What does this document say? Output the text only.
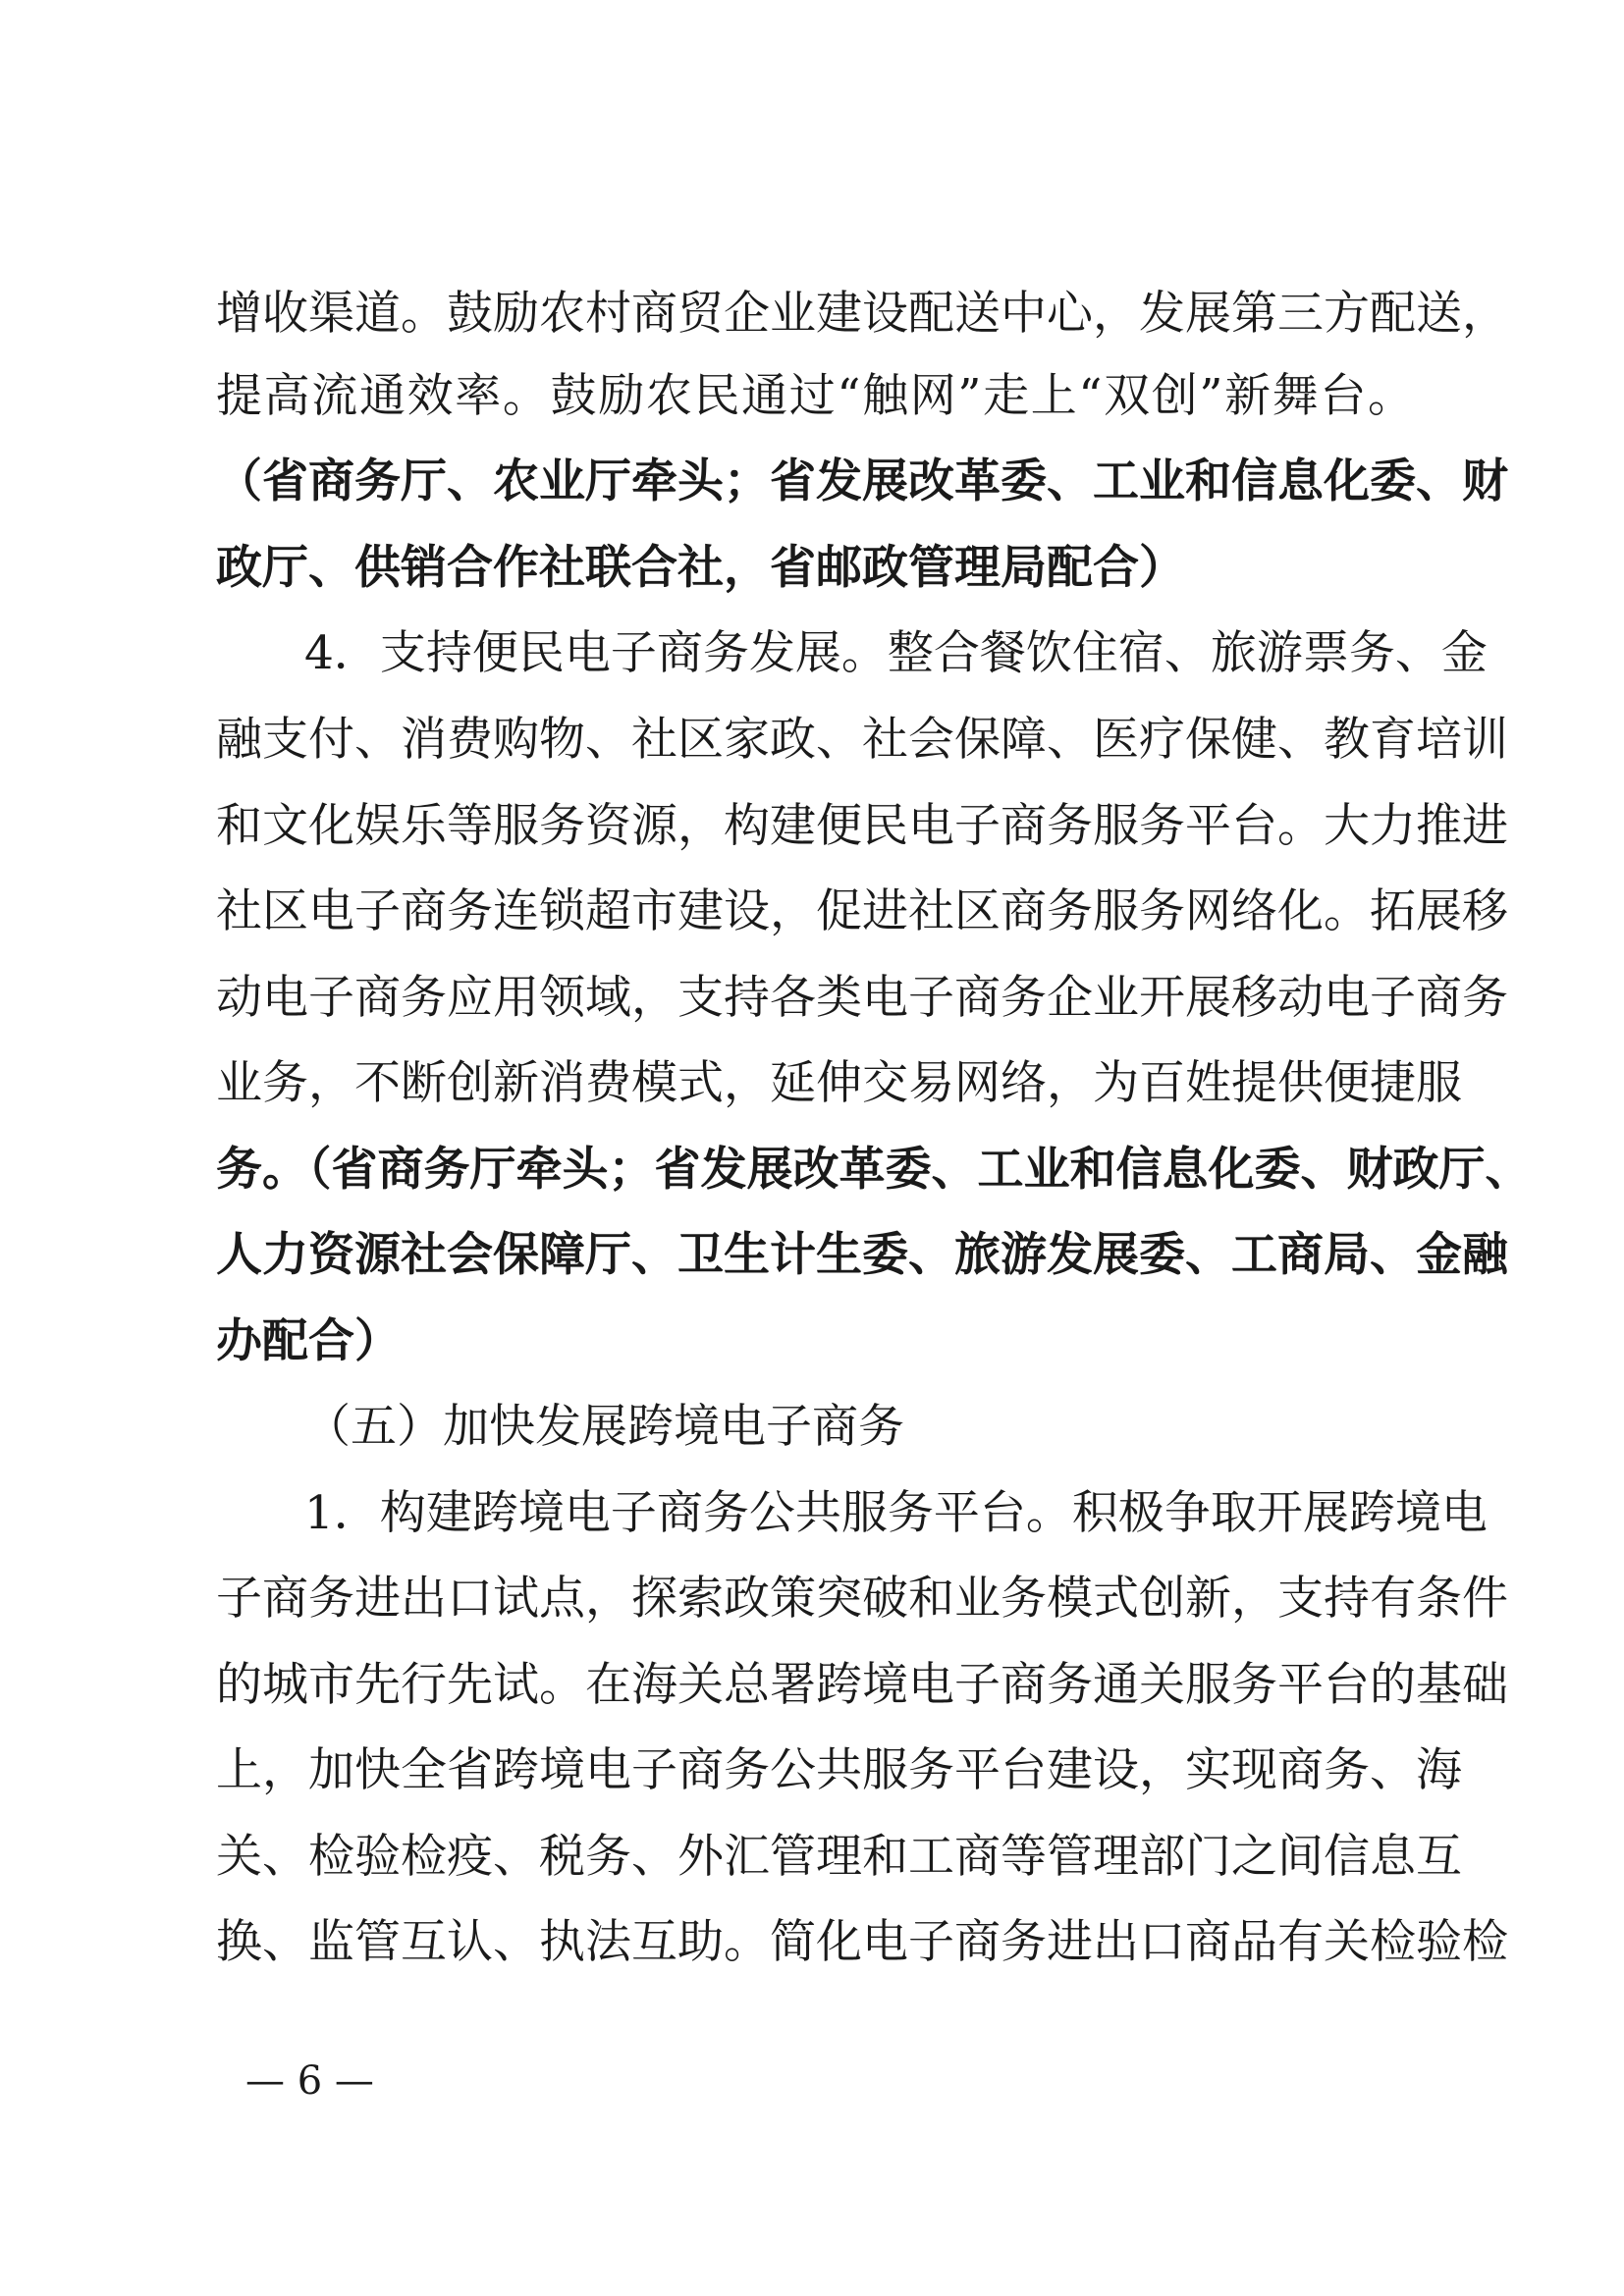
增收渠道。鼓励农村商贸企业建设配送中心，发展第三方配送，
提高流通效率。鼓励农民通过“触网”走上“双创”新舞台。
（省商务厅、农业厅牵头；省发展改革委、工业和信息化委、财
政厅、供销合作社联合社，省邮政管理局配合）
4．支持便民电子商务发展。整合餐饮住宿、旅游票务、金
融支付、消费购物、社区家政、社会保障、医疗保健、教育培训
和文化娱乐等服务资源，构建便民电子商务服务平台。大力推进
社区电子商务连锁超市建设，促进社区商务服务网络化。拓展移
动电子商务应用领域，支持各类电子商务企业开展移动电子商务
业务，不断创新消费模式，延伸交易网络，为百姓提供便捷服
务。（省商务厅牵头；省发展改革委、工业和信息化委、财政厅、
人力资源社会保障厅、卫生计生委、旅游发展委、工商局、金融
办配合）
（五）加快发展跨境电子商务
1．构建跨境电子商务公共服务平台。积极争取开展跨境电
子商务进出口试点，探索政策突破和业务模式创新，支持有条件
的城市先行先试。在海关总署跨境电子商务通关服务平台的基础
上，加快全省跨境电子商务公共服务平台建设，实现商务、海
关、检验检疫、税务、外汇管理和工商等管理部门之间信息互
换、监管互认、执法互助。简化电子商务进出口商品有关检验检
— 6 —
